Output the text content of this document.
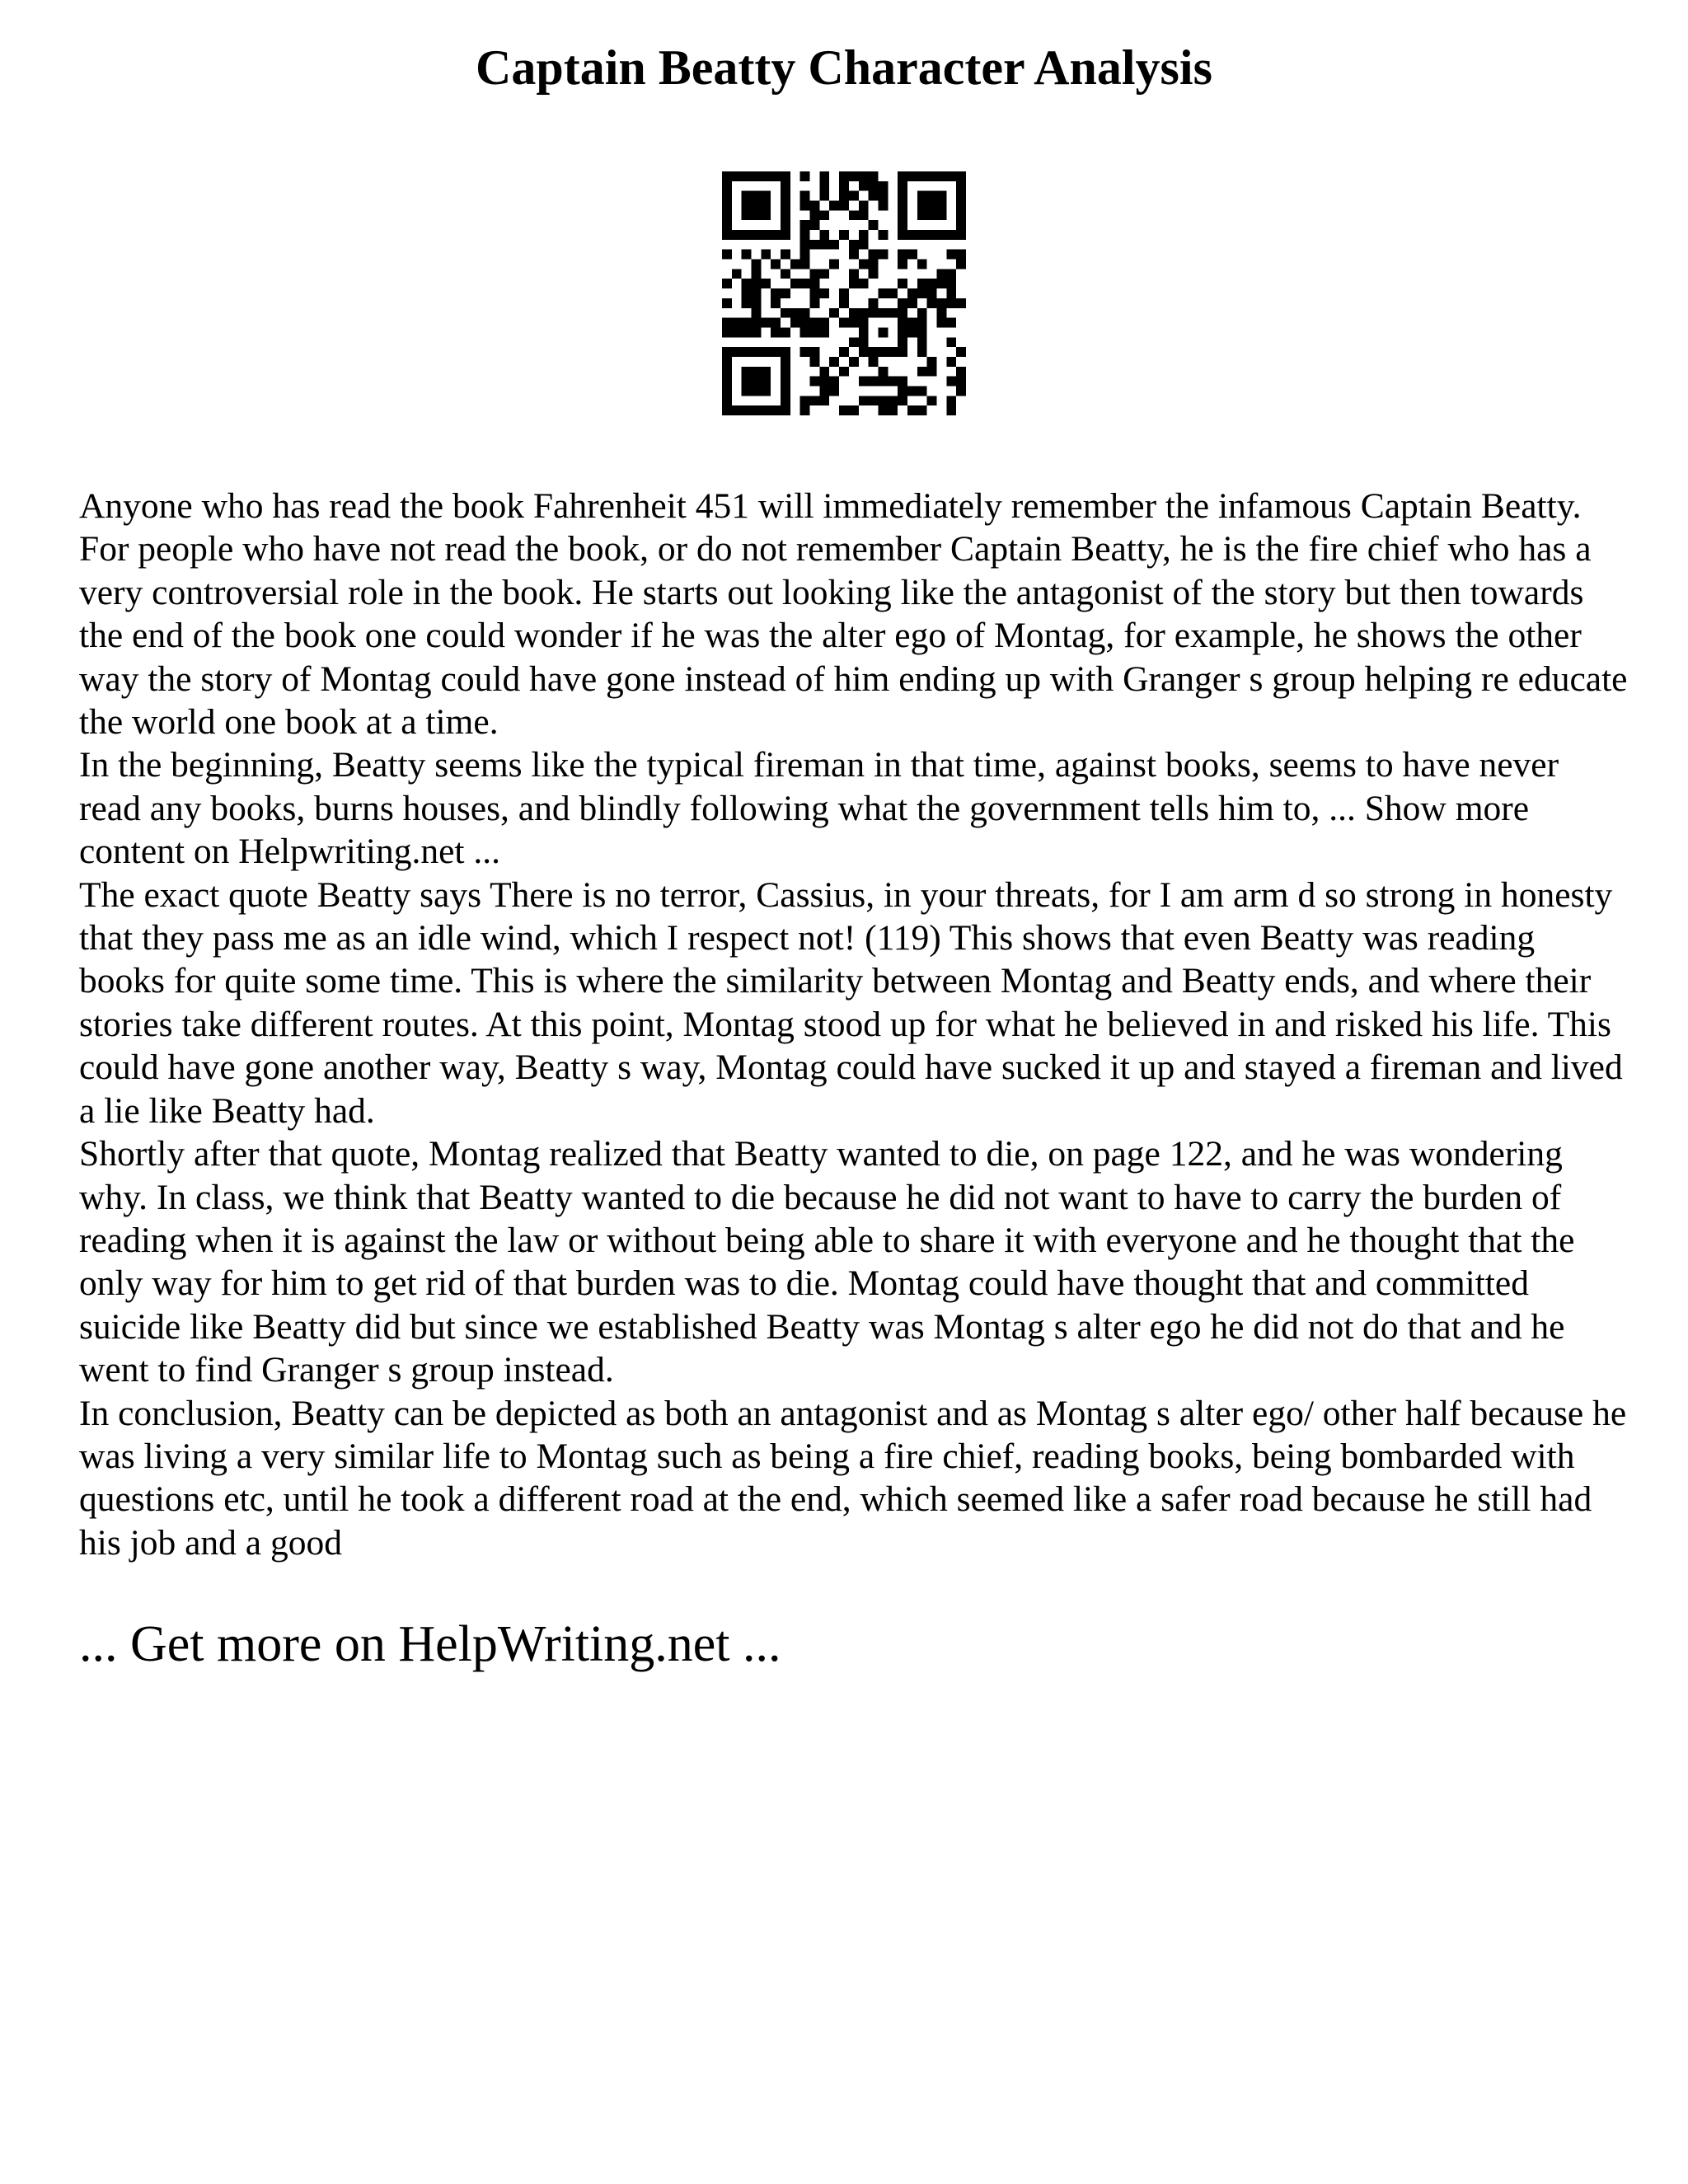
Captain Beatty Character Analysis

Anyone who has read the book Fahrenheit 451 will immediately remember the infamous Captain Beatty. For people who have not read the book, or do not remember Captain Beatty, he is the fire chief who has a very controversial role in the book. He starts out looking like the antagonist of the story but then towards the end of the book one could wonder if he was the alter ego of Montag, for example, he shows the other way the story of Montag could have gone instead of him ending up with Granger s group helping re educate the world one book at a time.

In the beginning, Beatty seems like the typical fireman in that time, against books, seems to have never read any books, burns houses, and blindly following what the government tells him to, ... Show more content on Helpwriting.net ...

The exact quote Beatty says There is no terror, Cassius, in your threats, for I am arm d so strong in honesty that they pass me as an idle wind, which I respect not! (119) This shows that even Beatty was reading books for quite some time. This is where the similarity between Montag and Beatty ends, and where their stories take different routes. At this point, Montag stood up for what he believed in and risked his life. This could have gone another way, Beatty s way, Montag could have sucked it up and stayed a fireman and lived a lie like Beatty had.

Shortly after that quote, Montag realized that Beatty wanted to die, on page 122, and he was wondering why. In class, we think that Beatty wanted to die because he did not want to have to carry the burden of reading when it is against the law or without being able to share it with everyone and he thought that the only way for him to get rid of that burden was to die. Montag could have thought that and committed suicide like Beatty did but since we established Beatty was Montag s alter ego he did not do that and he went to find Granger s group instead.

In conclusion, Beatty can be depicted as both an antagonist and as Montag s alter ego/ other half because he was living a very similar life to Montag such as being a fire chief, reading books, being bombarded with questions etc, until he took a different road at the end, which seemed like a safer road because he still had his job and a good

... Get more on HelpWriting.net ...
